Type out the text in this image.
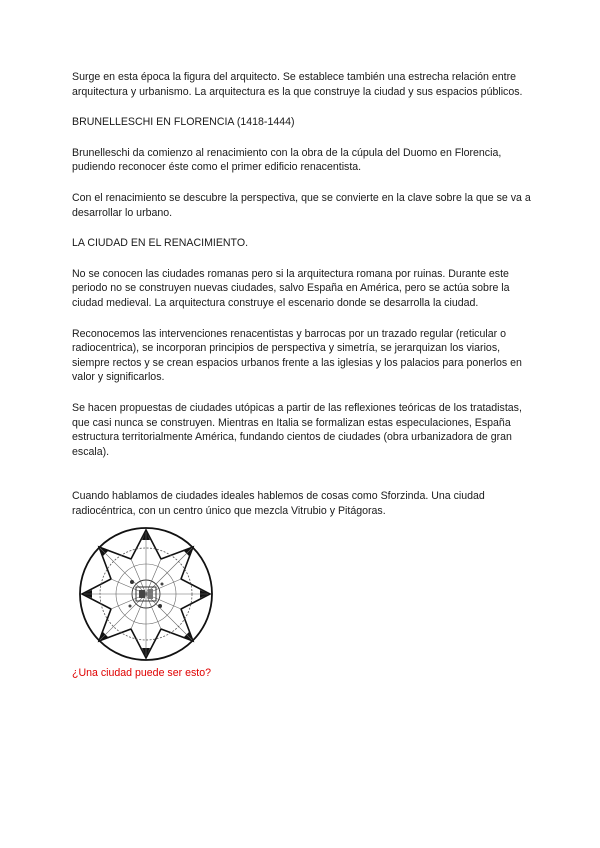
Surge en esta época la figura del arquitecto. Se establece también una estrecha relación entre arquitectura y urbanismo. La arquitectura es la que construye la ciudad y sus espacios públicos.

BRUNELLESCHI EN FLORENCIA (1418-1444)

Brunelleschi da comienzo al renacimiento con la obra de la cúpula del Duomo en Florencia, pudiendo reconocer éste como el primer edificio renacentista.

Con el renacimiento se descubre la perspectiva, que se convierte en la clave sobre la que se va a desarrollar lo urbano.

LA CIUDAD EN EL RENACIMIENTO.

No se conocen las ciudades romanas pero si la arquitectura romana por ruinas. Durante este periodo no se construyen nuevas ciudades, salvo España en América, pero se actúa sobre la ciudad medieval. La arquitectura construye el escenario donde se desarrolla la ciudad.

Reconocemos las intervenciones renacentistas y barrocas por un trazado regular (reticular o radiocentrica), se incorporan principios de perspectiva y simetría, se jerarquizan los viarios, siempre rectos y se crean espacios urbanos frente a las iglesias y los palacios para ponerlos en valor y significarlos.

Se hacen propuestas de ciudades utópicas a partir de las reflexiones teóricas de los tratadistas, que casi nunca se construyen. Mientras en Italia se formalizan estas especulaciones, España estructura territorialmente América, fundando cientos de ciudades (obra urbanizadora de gran escala).

Cuando hablamos de ciudades ideales hablemos de cosas como Sforzinda. Una ciudad radiocéntrica, con un centro único que mezcla Vitrubio y Pitágoras.

¿Una ciudad puede ser esto?
